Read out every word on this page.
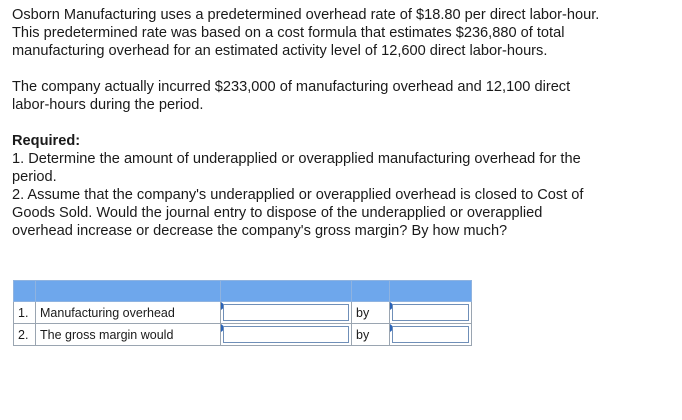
Osborn Manufacturing uses a predetermined overhead rate of $18.80 per direct labor-hour.
This predetermined rate was based on a cost formula that estimates $236,880 of total
manufacturing overhead for an estimated activity level of 12,600 direct labor-hours.

The company actually incurred $233,000 of manufacturing overhead and 12,100 direct
labor-hours during the period.

Required:

1. Determine the amount of underapplied or overapplied manufacturing overhead for the
period.

2. Assume that the company's underapplied or overapplied overhead is closed to Cost of
Goods Sold. Would the journal entry to dispose of the underapplied or overapplied
overhead increase or decrease the company's gross margin? By how much?

1.	Manufacturing overhead		by	

2.	The gross margin would		by	
